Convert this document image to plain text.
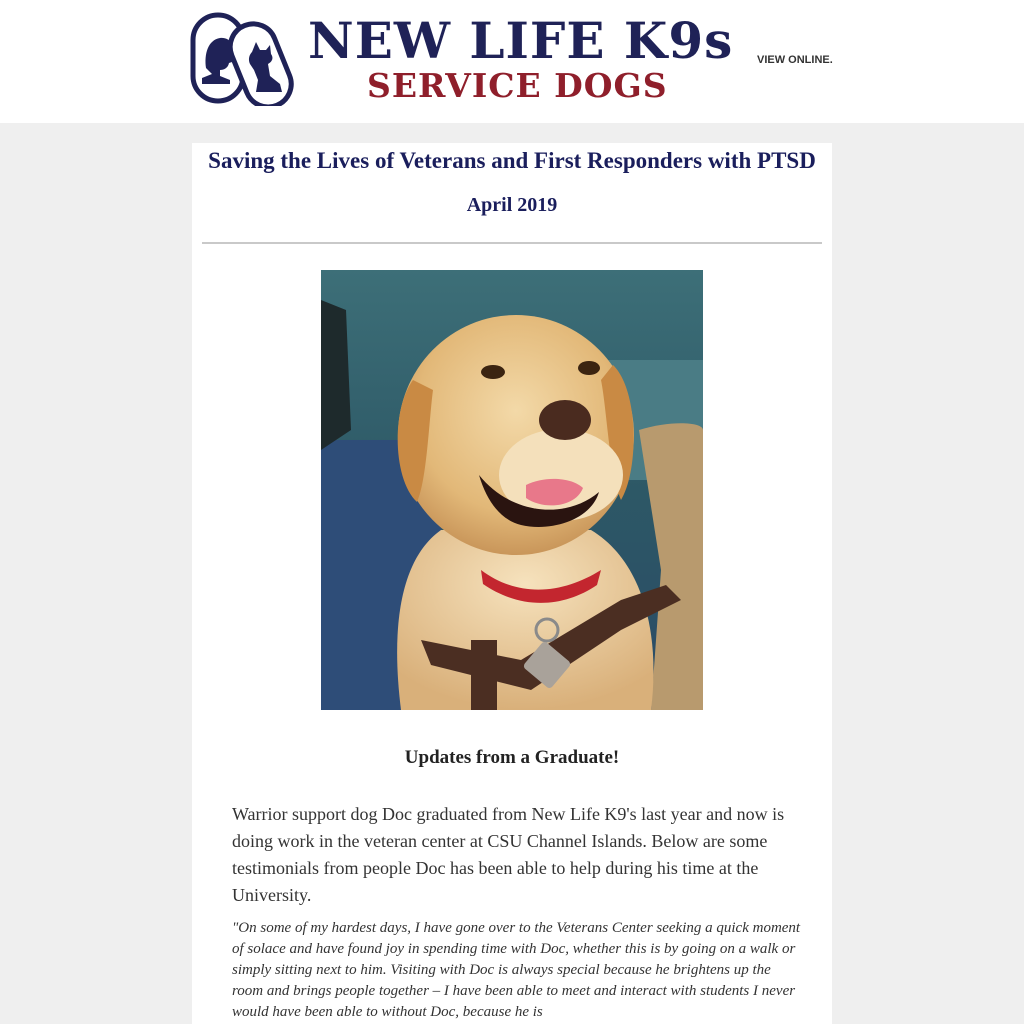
NEW LIFE K9s
SERVICE DOGS
VIEW ONLINE.
Saving the Lives of Veterans and First Responders with PTSD
April 2019
Updates from a Graduate!

Warrior support dog Doc graduated from New Life K9's last year and now is doing work in the veteran center at CSU Channel Islands. Below are some testimonials from people Doc has been able to help during his time at the University.

"On some of my hardest days, I have gone over to the Veterans Center seeking a quick moment of solace and have found joy in spending time with Doc, whether this is by going on a walk or simply sitting next to him. Visiting with Doc is always special because he brightens up the room and brings people together – I have been able to meet and interact with students I never would have been able to without Doc, because he is
